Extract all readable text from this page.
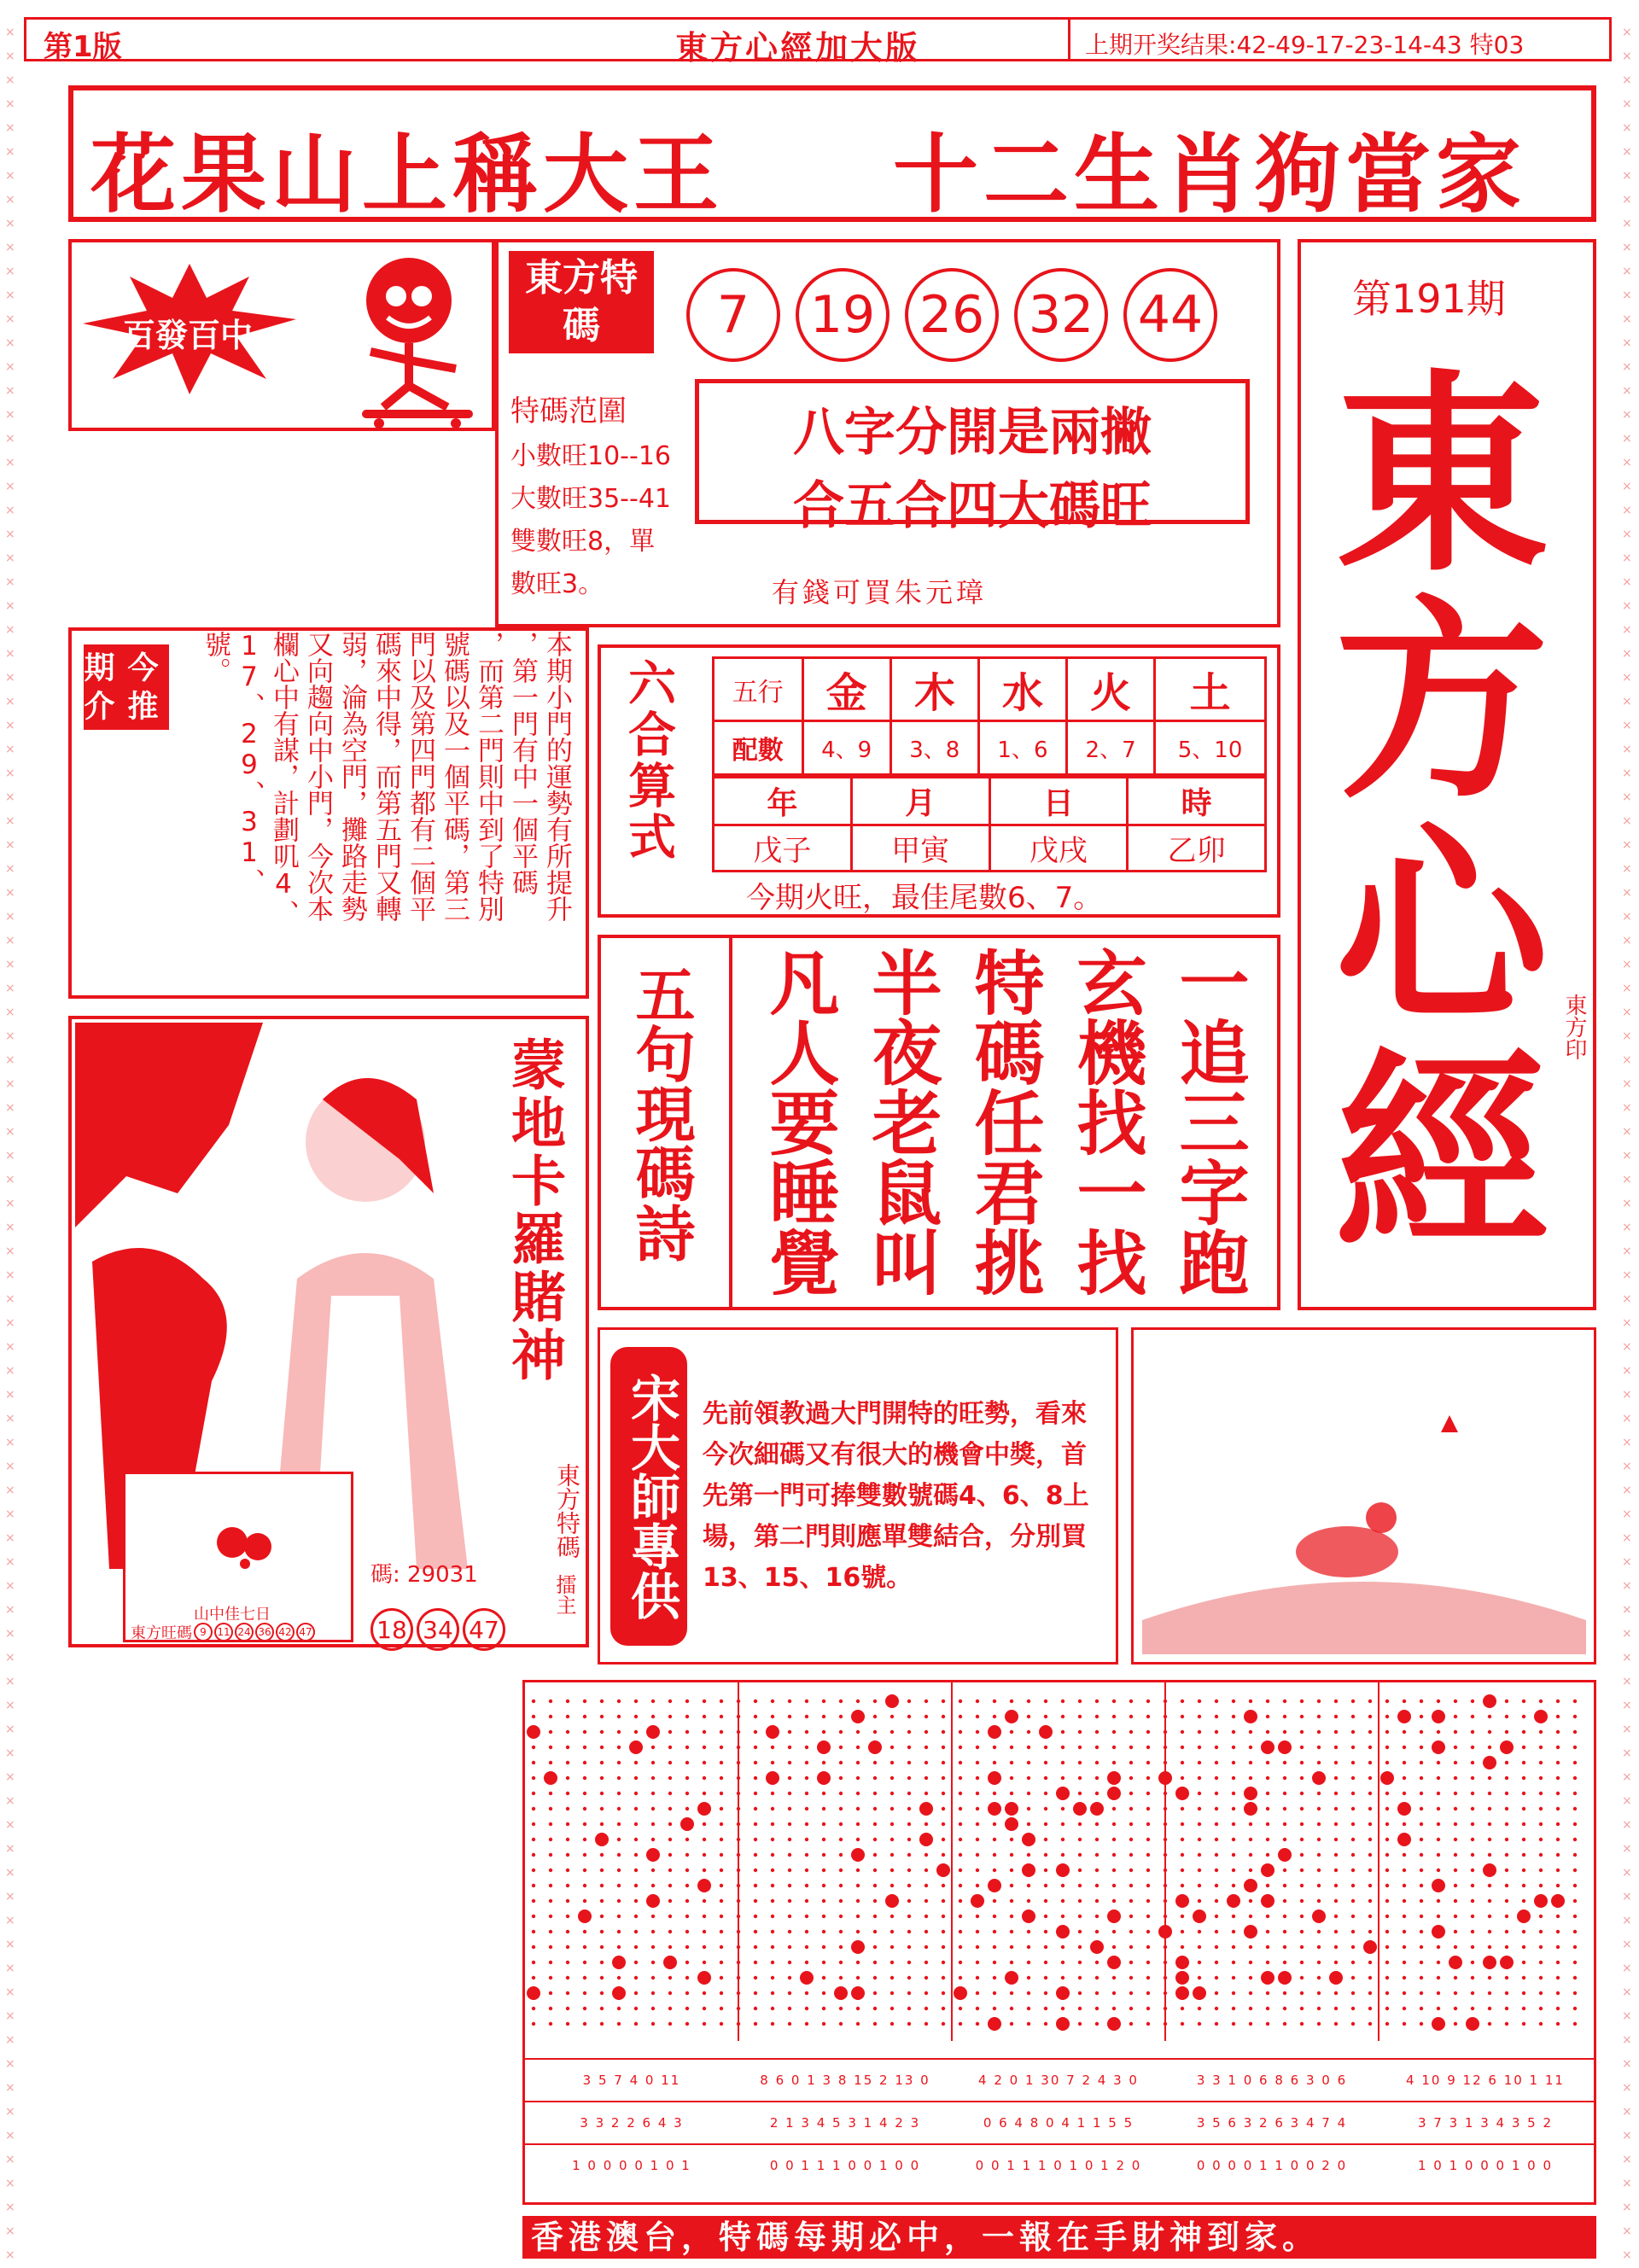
×	×
×	×
×	×
×	×
×	×
×	×
×	×
×	×
×	×
×	×
×	×
×	×
×	×
×	×
×	×
×	×
×	×
×	×
×	×
×	×
×	×
×	×
×	×
×	×
×	×
×	×
×	×
×	×
×	×
×	×
×	×
×	×
×	×
×	×
×	×
×	×
×	×
×	×
×	×
×	×
×	×
×	×
×	×
×	×
×	×
×	×
×	×
×	×
×	×
×	×
×	×
×	×
×	×
×	×
×	×
×	×
×	×
×	×
×	×
×	×
×	×
×	×
×	×
×	×
×	×
×	×
×	×
×	×
×	×
×	×
×	×
×	×
×	×
×	×
×	×
×	×
×	×
×	×
×	×
×	×
×	×
×	×
×	×
×	×
×	×
×	×
×	×
×	×
×	×
×	×
×	×
×	×
×	×
×	×
第1版	東方心經加大版	上期开奖结果:42-49-17-23-14-43 特03
花果山上稱大王 十二生肖狗當家
百發百中
東方特碼	7	19 26 32 44
特碼范圍
小數旺10--16
大數旺35--41
雙數旺8，單
數旺3。
八字分開是兩撇
合五合四大碼旺
有錢可買朱元璋
第191期
東
方
心
經
東方印
今期
推介	本期小門的運勢有所提升
，第一門有中一個平碼
，而第二門則中到了特別
號碼以及一個平碼，第三
門以及第四門都有二個平
碼來中得，而第五門又轉
弱，淪為空門，攤路走勢
又向趨向中小門，今次本
欄心中有謀，計劃叽4、
17、29、31、
號。
六合算式 五行	金	木	水	火	土
配數	4、9	3、8	1、6	2、7	5、10
年	月	日	時
戊子	甲寅	戊戌	乙卯
今期火旺，最佳尾數6、7。
五句現碼詩	一追三字跑
玄機找一找
特碼任君挑
半夜老鼠叫
凡人要睡覺
蒙地卡羅賭神
東方特碼
碼: 29031	擂主
山中佳七日
東方旺碼 9	11 24 36 42 47	18 34 47
宋大師專供 先前領教過大門開特的旺勢，看來今次細碼又有很大的機會中獎，首先第一門可捧雙數號碼4、6、8上場，第二門則應單雙結合，分別買13、15、16號。
3 5 7 4 0 11	8 6 0 1 3 8 15 2 13 0	4 2 0 1 30 7 2 4 3 0	3 3 1 0 6 8 6 3 0 6	4 10 9 12 6 10 1 11
3 3 2 2 6 4 3	2 1 3 4 5 3 1 4 2 3	0 6 4 8 0 4 1 1 5 5	3 5 6 3 2 6 3 4 7 4	3 7 3 1 3 4 3 5 2
1 0 0 0 0 1 0 1	0 0 1 1 1 0 0 1 0 0	0 0 1 1 1 0 1 0 1 2 0	0 0 0 0 1 1 0 0 2 0	1 0 1 0 0 0 1 0 0
香港澳台，特碼每期必中，一報在手財神到家。
